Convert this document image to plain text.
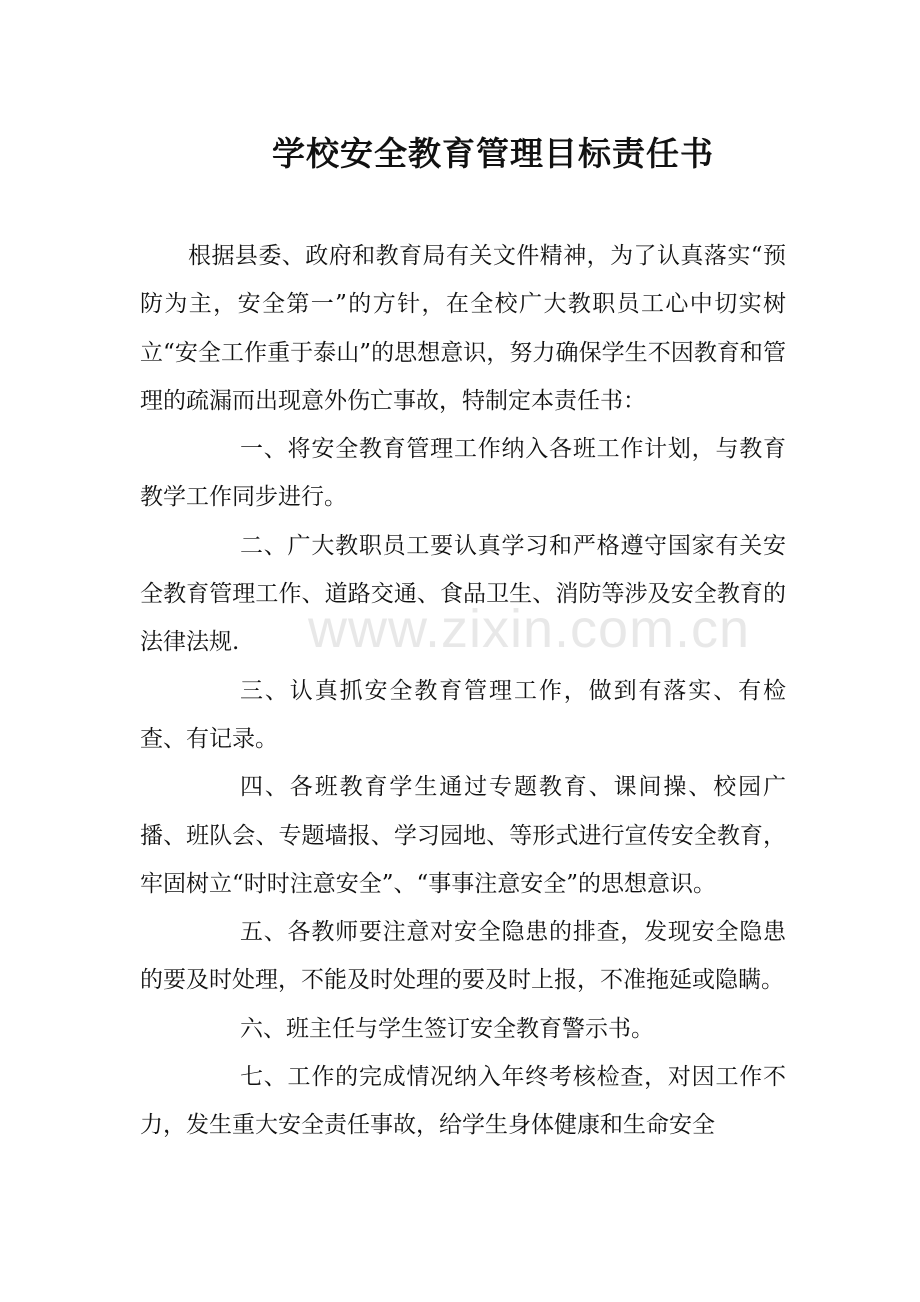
学校安全教育管理目标责任书

根据县委、政府和教育局有关文件精神，为了认真落实“预防为主，安全第一”的方针，在全校广大教职员工心中切实树立“安全工作重于泰山”的思想意识，努力确保学生不因教育和管理的疏漏而出现意外伤亡事故，特制定本责任书：

一、将安全教育管理工作纳入各班工作计划，与教育教学工作同步进行。

二、广大教职员工要认真学习和严格遵守国家有关安全教育管理工作、道路交通、食品卫生、消防等涉及安全教育的法律法规.

三、认真抓安全教育管理工作，做到有落实、有检查、有记录。

四、各班教育学生通过专题教育、课间操、校园广播、班队会、专题墙报、学习园地、等形式进行宣传安全教育，牢固树立“时时注意安全”、“事事注意安全”的思想意识。

五、各教师要注意对安全隐患的排查，发现安全隐患的要及时处理，不能及时处理的要及时上报，不准拖延或隐瞒。

六、班主任与学生签订安全教育警示书。

七、工作的完成情况纳入年终考核检查，对因工作不力，发生重大安全责任事故，给学生身体健康和生命安全

www.zixin.com.cn
